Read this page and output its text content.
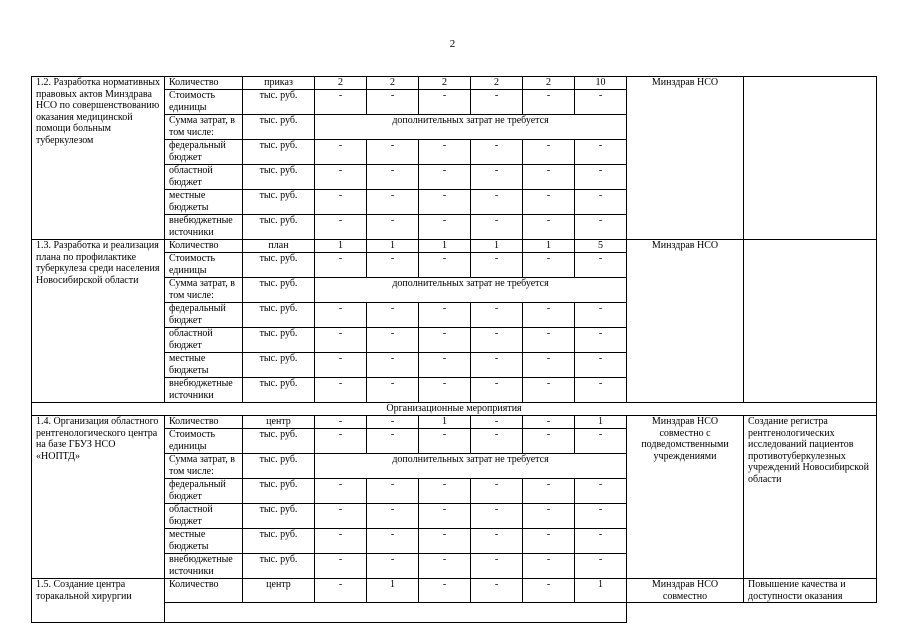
2
1.2. Разработка нормативных правовых актов Минздрава НСО по совершенствованию оказания медицинской помощи больным туберкулезом	Количество	приказ	2	2	2	2	2	10	Минздрав НСО	
	Стоимость единицы	тыс. руб.	-	-	-	-	-	-		
	Сумма затрат, в том числе:	тыс. руб.	дополнительных затрат не требуется							
	федеральный бюджет	тыс. руб.	-	-	-	-	-	-		
	областной бюджет	тыс. руб.	-	-	-	-	-	-		
	местные бюджеты	тыс. руб.	-	-	-	-	-	-		
	внебюджетные источники	тыс. руб.	-	-	-	-	-	-		
1.3. Разработка и реализация плана по профилактике туберкулеза среди населения Новосибирской области	Количество	план	1	1	1	1	1	5	Минздрав НСО	
	Стоимость единицы	тыс. руб.	-	-	-	-	-	-		
	Сумма затрат, в том числе:	тыс. руб.	дополнительных затрат не требуется							
	федеральный бюджет	тыс. руб.	-	-	-	-	-	-		
	областной бюджет	тыс. руб.	-	-	-	-	-	-		
	местные бюджеты	тыс. руб.	-	-	-	-	-	-		
	внебюджетные источники	тыс. руб.	-	-	-	-	-	-		
Организационные мероприятия										
1.4. Организация областного рентгенологического центра на базе ГБУЗ НСО «НОПТД»	Количество	центр	-	-	1	-	-	1	Минздрав НСО совместно с подведомственными учреждениями	Создание регистра рентгенологических исследований пациентов противотуберкулезных учреждений Новосибирской области
	Стоимость единицы	тыс. руб.	-	-	-	-	-	-		
	Сумма затрат, в том числе:	тыс. руб.	дополнительных затрат не требуется							
	федеральный бюджет	тыс. руб.	-	-	-	-	-	-		
	областной бюджет	тыс. руб.	-	-	-	-	-	-		
	местные бюджеты	тыс. руб.	-	-	-	-	-	-		
	внебюджетные источники	тыс. руб.	-	-	-	-	-	-		
1.5. Создание центра торакальной хирургии	Количество	центр	-	1	-	-	-	1	Минздрав НСО совместно	Повышение качества и доступности оказания
